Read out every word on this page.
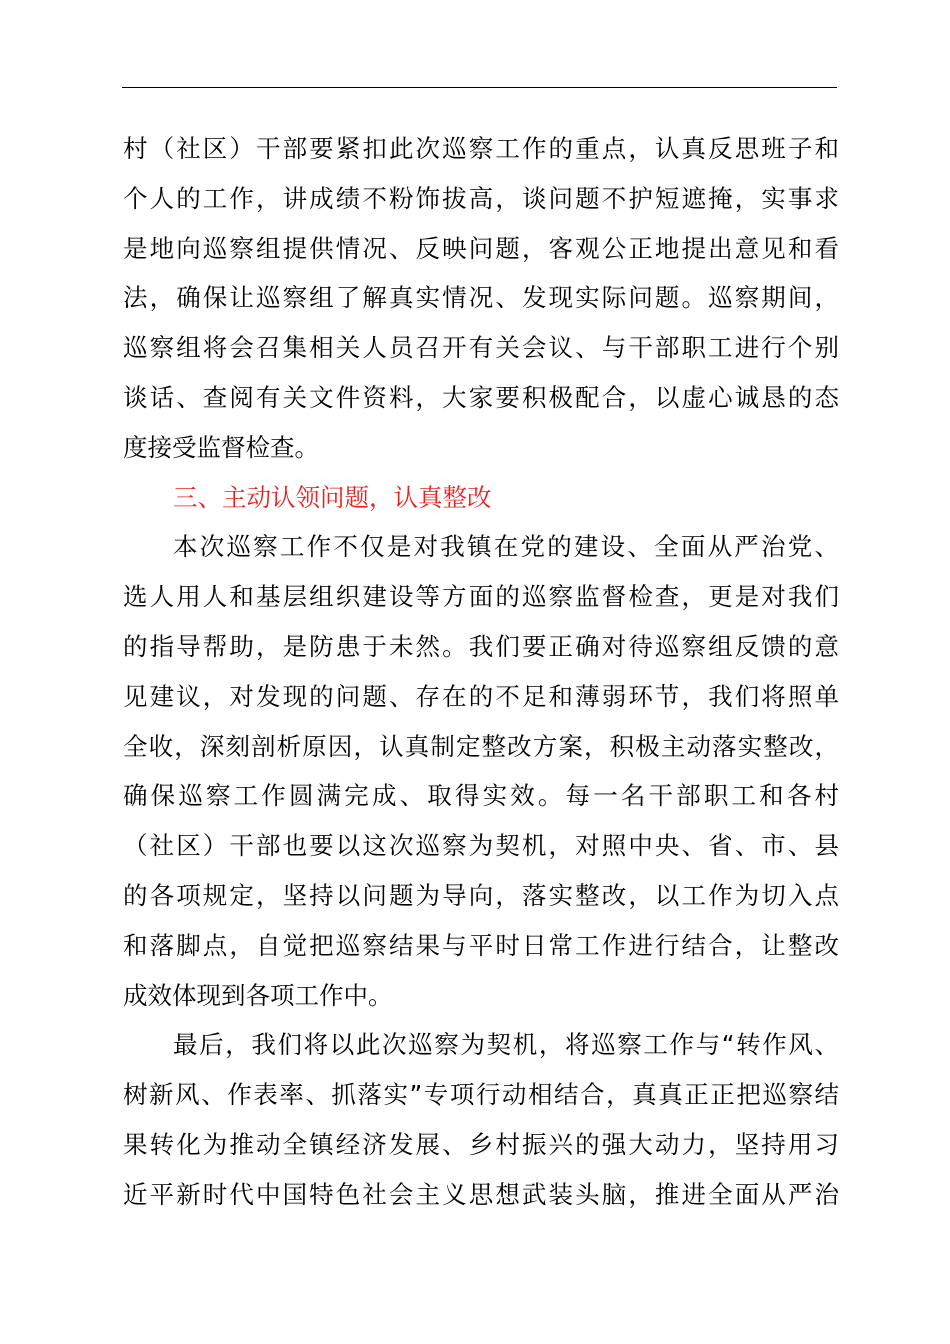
村（社区）干部要紧扣此次巡察工作的重点，认真反思班子和
个人的工作，讲成绩不粉饰拔高，谈问题不护短遮掩，实事求
是地向巡察组提供情况、反映问题，客观公正地提出意见和看
法，确保让巡察组了解真实情况、发现实际问题。巡察期间，
巡察组将会召集相关人员召开有关会议、与干部职工进行个别
谈话、查阅有关文件资料，大家要积极配合，以虚心诚恳的态
度接受监督检查。
三、主动认领问题，认真整改
本次巡察工作不仅是对我镇在党的建设、全面从严治党、
选人用人和基层组织建设等方面的巡察监督检查，更是对我们
的指导帮助，是防患于未然。我们要正确对待巡察组反馈的意
见建议，对发现的问题、存在的不足和薄弱环节，我们将照单
全收，深刻剖析原因，认真制定整改方案，积极主动落实整改，
确保巡察工作圆满完成、取得实效。每一名干部职工和各村
（社区）干部也要以这次巡察为契机，对照中央、省、市、县
的各项规定，坚持以问题为导向，落实整改，以工作为切入点
和落脚点，自觉把巡察结果与平时日常工作进行结合，让整改
成效体现到各项工作中。
最后，我们将以此次巡察为契机，将巡察工作与“转作风、
树新风、作表率、抓落实”专项行动相结合，真真正正把巡察结
果转化为推动全镇经济发展、乡村振兴的强大动力，坚持用习
近平新时代中国特色社会主义思想武装头脑，推进全面从严治
